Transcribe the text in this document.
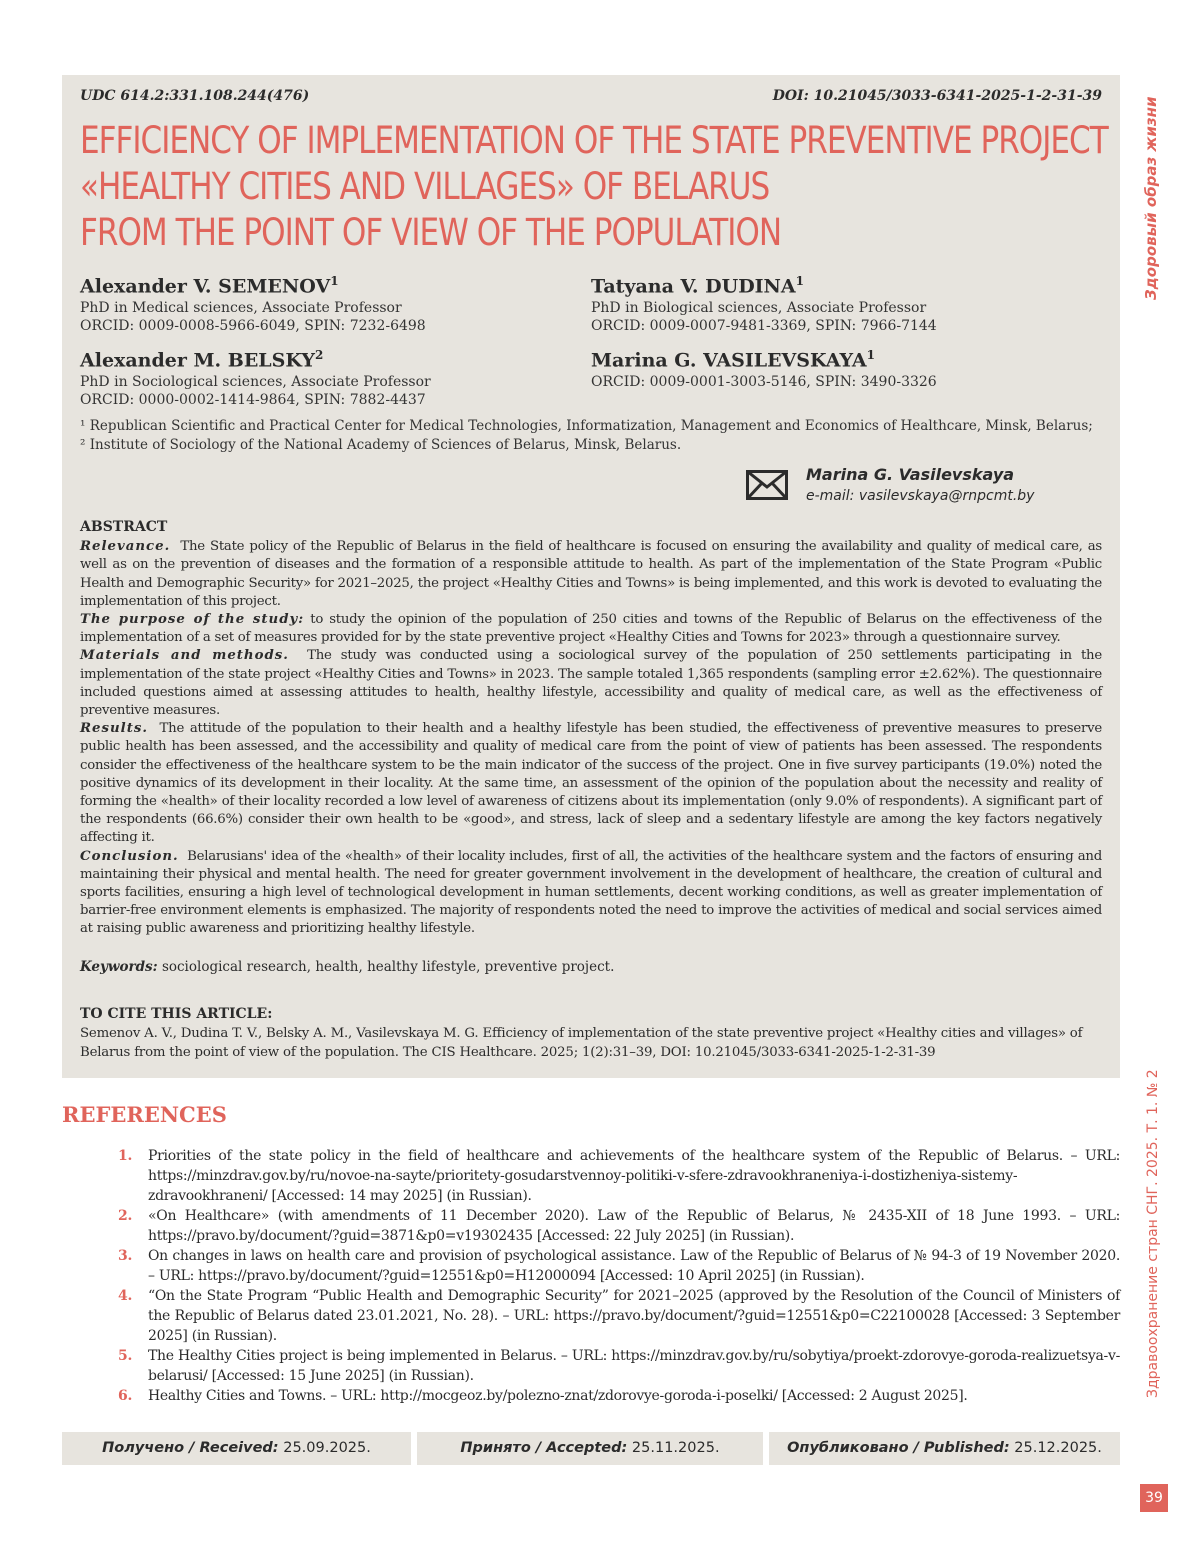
UDC 614.2:331.108.244(476)	DOI: 10.21045/3033-6341-2025-1-2-31-39
EFFICIENCY OF IMPLEMENTATION OF THE STATE PREVENTIVE PROJECT
«HEALTHY CITIES AND VILLAGES» OF BELARUS
FROM THE POINT OF VIEW OF THE POPULATION
Alexander V. SEMENOV$^1$
PhD in Medical sciences, Associate Professor
ORCID: 0009-0008-5966-6049, SPIN: 7232-6498
Tatyana V. DUDINA$^1$
PhD in Biological sciences, Associate Professor
ORCID: 0009-0007-9481-3369, SPIN: 7966-7144
Alexander M. BELSKY$^2$
PhD in Sociological sciences, Associate Professor
ORCID: 0000-0002-1414-9864, SPIN: 7882-4437
Marina G. VASILEVSKAYA$^1$
ORCID: 0009-0001-3003-5146, SPIN: 3490-3326
¹ Republican Scientific and Practical Center for Medical Technologies, Informatization, Management and Economics of Healthcare, Minsk, Belarus;
² Institute of Sociology of the National Academy of Sciences of Belarus, Minsk, Belarus.
Marina G. Vasilevskaya
e-mail: vasilevskaya@rnpcmt.by
ABSTRACT

Relevance. The State policy of the Republic of Belarus in the field of healthcare is focused on ensuring the availability and quality of medical care, as well as on the prevention of diseases and the formation of a responsible attitude to health. As part of the implementation of the State Program «Public Health and Demographic Security» for 2021–2025, the project «Healthy Cities and Towns» is being implemented, and this work is devoted to evaluating the implementation of this project.

The purpose of the study: to study the opinion of the population of 250 cities and towns of the Republic of Belarus on the effectiveness of the implementation of a set of measures provided for by the state preventive project «Healthy Cities and Towns for 2023» through a questionnaire survey.

Materials and methods. The study was conducted using a sociological survey of the population of 250 settlements participating in the implementation of the state project «Healthy Cities and Towns» in 2023. The sample totaled 1,365 respondents (sampling error ±2.62%). The questionnaire included questions aimed at assessing attitudes to health, healthy lifestyle, accessibility and quality of medical care, as well as the effectiveness of preventive measures.

Results. The attitude of the population to their health and a healthy lifestyle has been studied, the effectiveness of preventive measures to preserve public health has been assessed, and the accessibility and quality of medical care from the point of view of patients has been assessed. The respondents consider the effectiveness of the healthcare system to be the main indicator of the success of the project. One in five survey participants (19.0%) noted the positive dynamics of its development in their locality. At the same time, an assessment of the opinion of the population about the necessity and reality of forming the «health» of their locality recorded a low level of awareness of citizens about its implementation (only 9.0% of respondents). A significant part of the respondents (66.6%) consider their own health to be «good», and stress, lack of sleep and a sedentary lifestyle are among the key factors negatively affecting it.

Conclusion. Belarusians' idea of the «health» of their locality includes, first of all, the activities of the healthcare system and the factors of ensuring and maintaining their physical and mental health. The need for greater government involvement in the development of healthcare, the creation of cultural and sports facilities, ensuring a high level of technological development in human settlements, decent working conditions, as well as greater implementation of barrier-free environment elements is emphasized. The majority of respondents noted the need to improve the activities of medical and social services aimed at raising public awareness and prioritizing healthy lifestyle.

Keywords: sociological research, health, healthy lifestyle, preventive project.
TO CITE THIS ARTICLE:
Semenov A. V., Dudina T. V., Belsky A. M., Vasilevskaya M. G. Efficiency of implementation of the state preventive project «Healthy cities and villages» of Belarus from the point of view of the population. The CIS Healthcare. 2025; 1(2):31–39, DOI: 10.21045/3033-6341-2025-1-2-31-39
REFERENCES
1. Priorities of the state policy in the field of healthcare and achievements of the healthcare system of the Republic of Belarus. – URL: https://minzdrav.gov.by/ru/novoe-na-sayte/prioritety-gosudarstvennoy-politiki-v-sfere-zdravookhraneniya-i-dostizheniya-sistemy-zdravookhraneni/ [Accessed: 14 may 2025] (in Russian).
2. «On Healthcare» (with amendments of 11 December 2020). Law of the Republic of Belarus, № 2435-XII of 18 June 1993. – URL: https://pravo.by/document/?guid=3871&p0=v19302435 [Accessed: 22 July 2025] (in Russian).
3. On changes in laws on health care and provision of psychological assistance. Law of the Republic of Belarus of № 94-3 of 19 November 2020. – URL: https://pravo.by/document/?guid=12551&p0=H12000094 [Accessed: 10 April 2025] (in Russian).
4. “On the State Program “Public Health and Demographic Security” for 2021–2025 (approved by the Resolution of the Council of Ministers of the Republic of Belarus dated 23.01.2021, No. 28). – URL: https://pravo.by/document/?guid=12551&p0=C22100028 [Accessed: 3 September 2025] (in Russian).
5. The Healthy Cities project is being implemented in Belarus. – URL: https://minzdrav.gov.by/ru/sobytiya/proekt-zdorovye-goroda-realizuetsya-v-belarusi/ [Accessed: 15 June 2025] (in Russian).
6. Healthy Cities and Towns. – URL: http://mocgeoz.by/polezno-znat/zdorovye-goroda-i-poselki/ [Accessed: 2 August 2025].
Получено / Received: 25.09.2025.	Принято / Accepted: 25.11.2025.	Опубликовано / Published: 25.12.2025.
Здоровый образ жизни
Здравоохранение стран СНГ. 2025. Т. 1. № 2
39
